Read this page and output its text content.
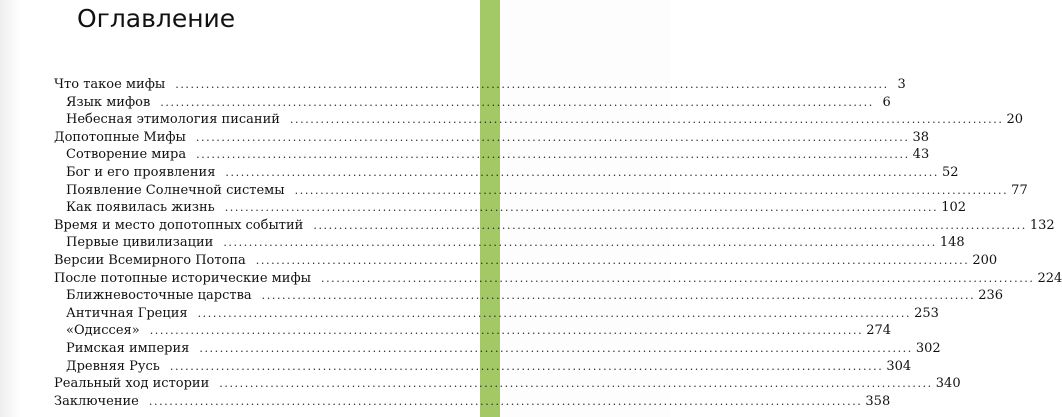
Оглавление
Что такое мифы ............................................................................................................................................ 3
Язык мифов ............................................................................................................................................ 6
Небесная этимология писаний ............................................................................................................................................ 20
Допотопные Мифы ............................................................................................................................................ 38
Сотворение мира ............................................................................................................................................ 43
Бог и его проявления ............................................................................................................................................ 52
Появление Солнечной системы ............................................................................................................................................ 77
Как появилась жизнь ............................................................................................................................................ 102
Время и место допотопных событий ............................................................................................................................................ 132
Первые цивилизации ............................................................................................................................................ 148
Версии Всемирного Потопа ............................................................................................................................................ 200
После потопные исторические мифы ............................................................................................................................................ 224
Ближневосточные царства ............................................................................................................................................ 236
Античная Греция ............................................................................................................................................ 253
«Одиссея» ............................................................................................................................................ 274
Римская империя ............................................................................................................................................ 302
Древняя Русь ............................................................................................................................................ 304
Реальный ход истории ............................................................................................................................................ 340
Заключение ............................................................................................................................................ 358
